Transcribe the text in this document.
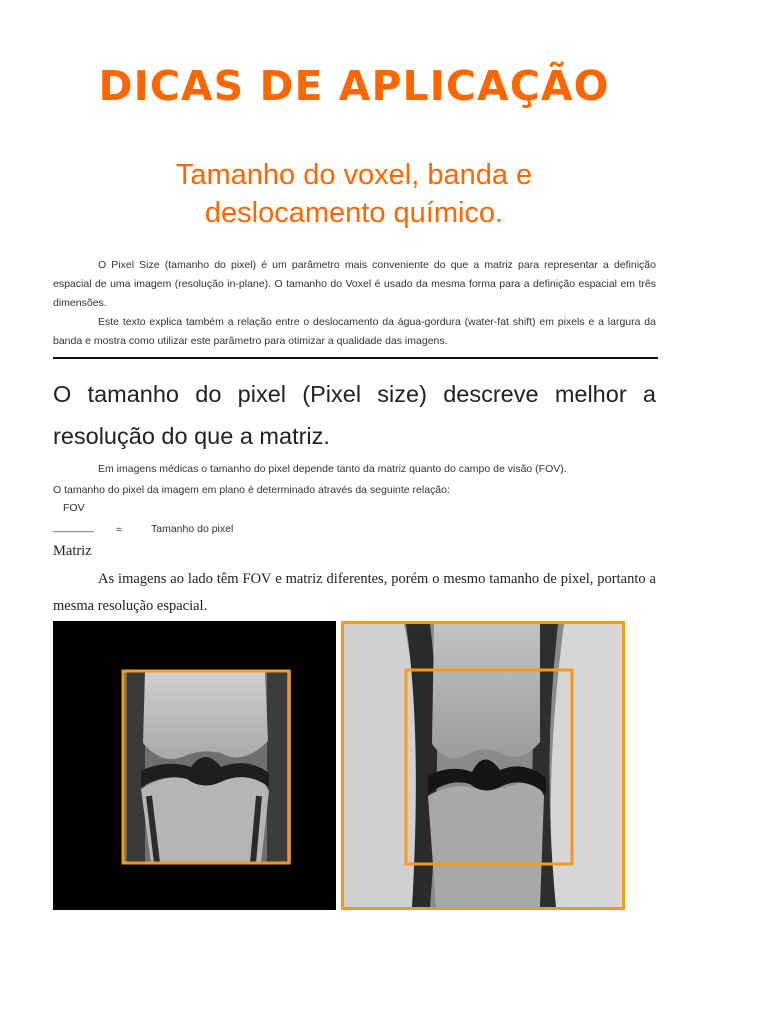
DICAS DE APLICAÇÃO
Tamanho do voxel, banda e
deslocamento químico.

O Pixel Size (tamanho do pixel) é um parâmetro mais conveniente do que a matriz para representar a definição espacial de uma imagem (resolução in-plane). O tamanho do Voxel é usado da mesma forma para a definição espacial em três dimensões.

Este texto explica também a relação entre o deslocamento da água-gordura (water-fat shift) em pixels e a largura da banda e mostra como utilizar este parâmetro para otimizar a qualidade das imagens.

O tamanho do pixel (Pixel size) descreve melhor a resolução do que a matriz.
Em imagens médicas o tamanho do pixel depende tanto da matriz quanto do campo de visão (FOV).
O tamanho do pixel da imagem em plano é determinado através da seguinte relação:
FOV
_______ =	Tamanho do pixel
Matriz

As imagens ao lado têm FOV e matriz diferentes, porém o mesmo tamanho de pixel, portanto a mesma resolução espacial.
